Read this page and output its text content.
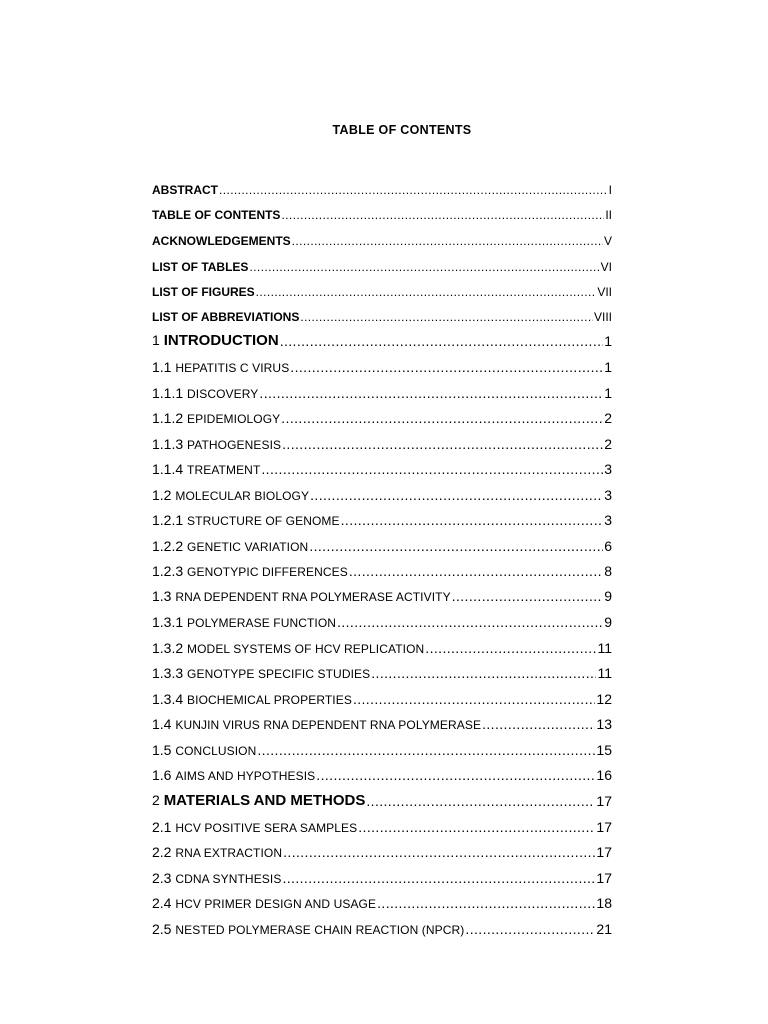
TABLE OF CONTENTS
ABSTRACT .....	I
TABLE OF CONTENTS .....	II
ACKNOWLEDGEMENTS .....	V
LIST OF TABLES .....	VI
LIST OF FIGURES .....	VII
LIST OF ABBREVIATIONS .....	VIII
1 INTRODUCTION .....	1
1.1 HEPATITIS C VIRUS .....	1
1.1.1 DISCOVERY .....	1
1.1.2 EPIDEMIOLOGY .....	2
1.1.3 PATHOGENESIS .....	2
1.1.4 TREATMENT .....	3
1.2 MOLECULAR BIOLOGY .....	3
1.2.1 STRUCTURE OF GENOME .....	3
1.2.2 GENETIC VARIATION .....	6
1.2.3 GENOTYPIC DIFFERENCES .....	8
1.3 RNA DEPENDENT RNA POLYMERASE ACTIVITY .....	9
1.3.1 POLYMERASE FUNCTION .....	9
1.3.2 MODEL SYSTEMS OF HCV REPLICATION .....	11
1.3.3 GENOTYPE SPECIFIC STUDIES .....	11
1.3.4 BIOCHEMICAL PROPERTIES .....	12
1.4 KUNJIN VIRUS RNA DEPENDENT RNA POLYMERASE .....	13
1.5 CONCLUSION .....	15
1.6 AIMS AND HYPOTHESIS .....	16
2 MATERIALS AND METHODS .....	17
2.1 HCV POSITIVE SERA SAMPLES .....	17
2.2 RNA EXTRACTION .....	17
2.3 CDNA SYNTHESIS .....	17
2.4 HCV PRIMER DESIGN AND USAGE .....	18
2.5 NESTED POLYMERASE CHAIN REACTION (NPCR) .....	21
